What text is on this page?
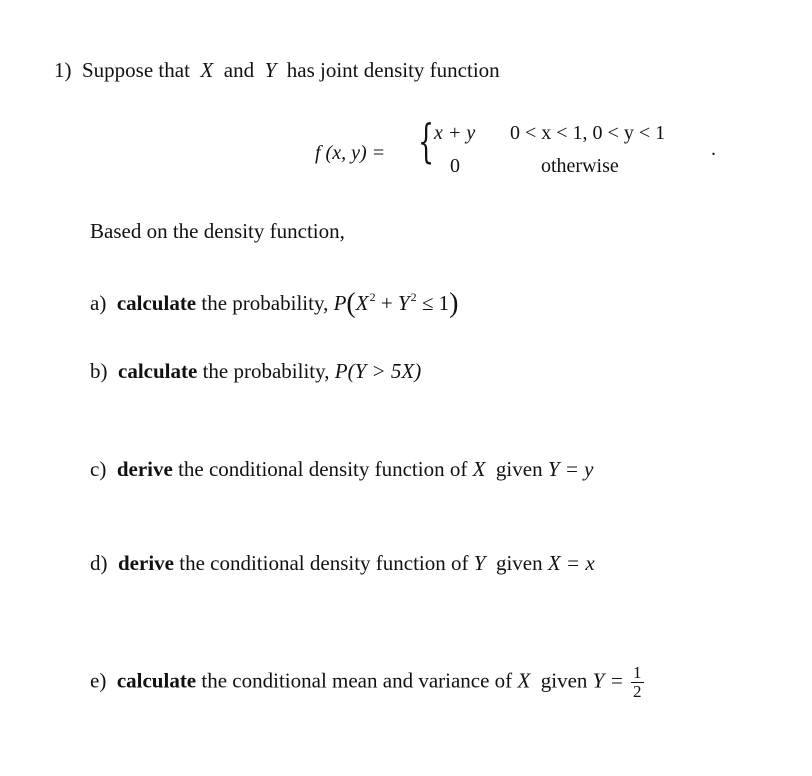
1) Suppose that X and Y has joint density function
f (x, y) = { x + y 0 < x < 1, 0 < y < 1
0	otherwise
.
Based on the density function,
a) calculate the probability, $P(X^2 + Y^2 \le 1)$
b) calculate the probability, P(Y > 5X)
c) derive the conditional density function of X given Y = y
d) derive the conditional density function of Y given X = x
e) calculate the conditional mean and variance of X given $Y = \frac{1}{2}$
